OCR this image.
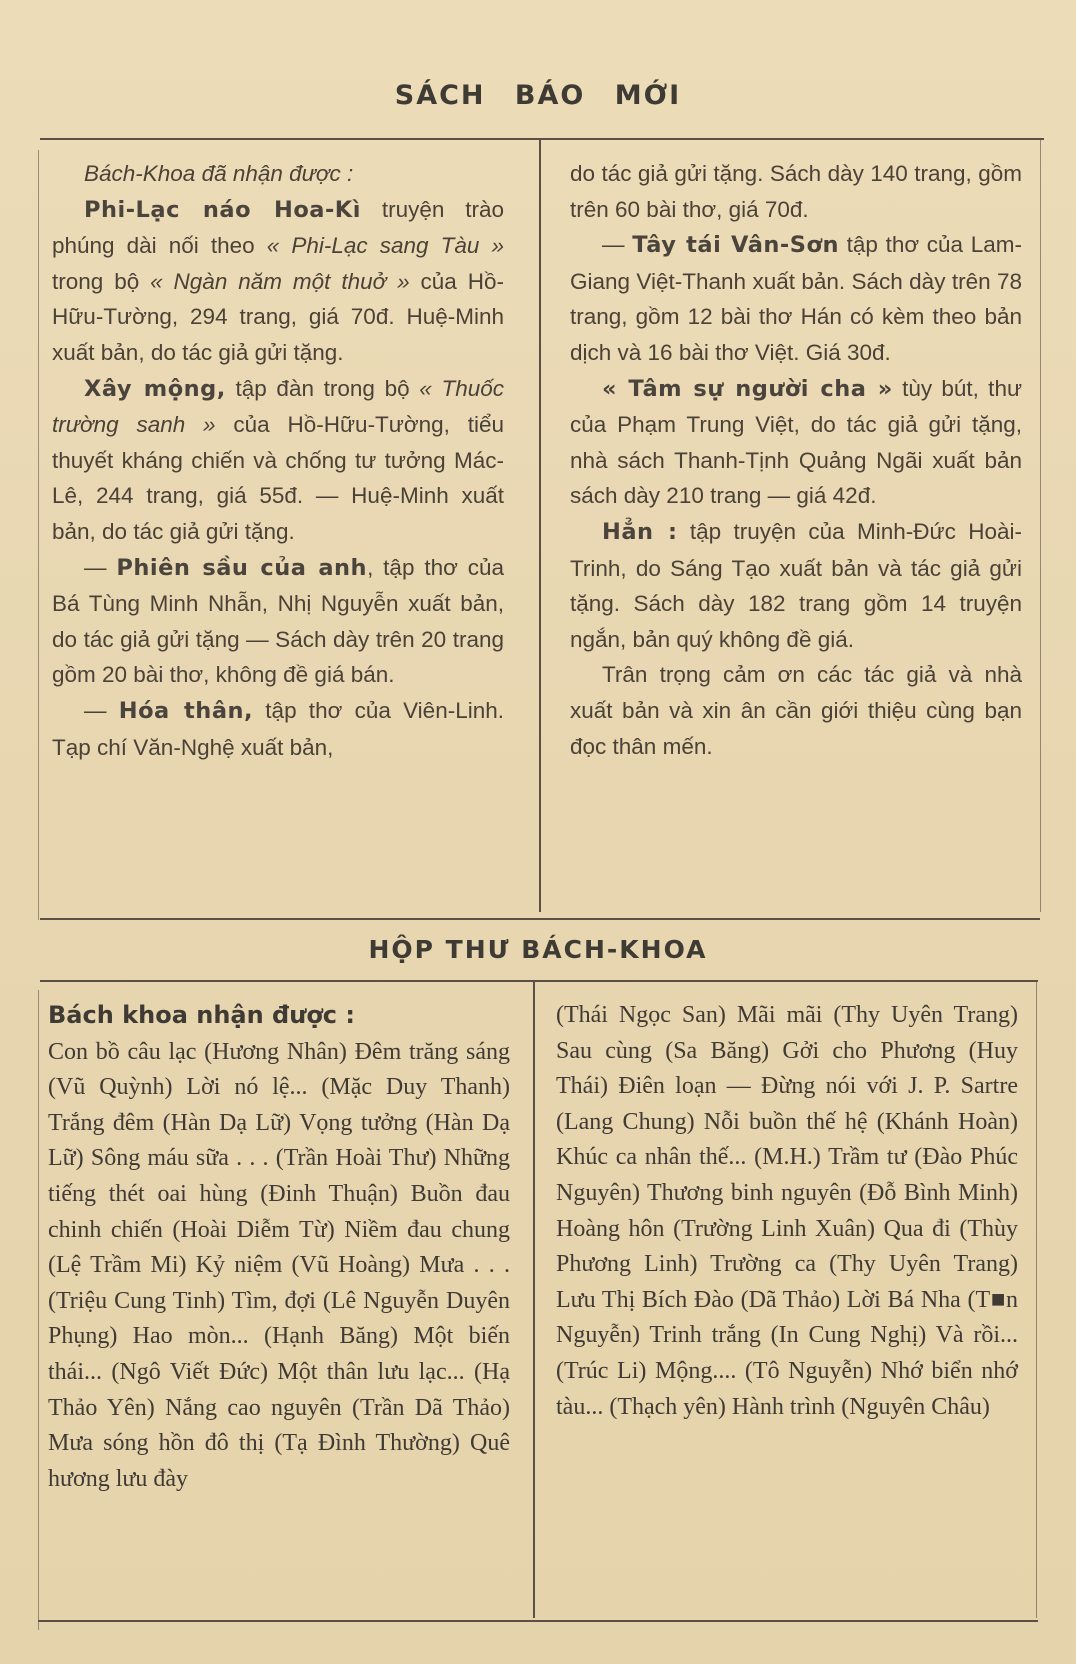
SÁCH BÁO MỚI

Bách-Khoa đã nhận được :

Phi-Lạc náo Hoa-Kì truyện trào phúng dài nối theo « Phi-Lạc sang Tàu » trong bộ « Ngàn năm một thuở » của Hồ-Hữu-Tường, 294 trang, giá 70đ. Huệ-Minh xuất bản, do tác giả gửi tặng.

Xây mộng, tập đàn trong bộ « Thuốc trường sanh » của Hồ-Hữu-Tường, tiểu thuyết kháng chiến và chống tư tưởng Mác-Lê, 244 trang, giá 55đ. — Huệ-Minh xuất bản, do tác giả gửi tặng.

— Phiên sầu của anh, tập thơ của Bá Tùng Minh Nhẫn, Nhị Nguyễn xuất bản, do tác giả gửi tặng — Sách dày trên 20 trang gồm 20 bài thơ, không đề giá bán.

— Hóa thân, tập thơ của Viên-Linh. Tạp chí Văn-Nghệ xuất bản,

do tác giả gửi tặng. Sách dày 140 trang, gồm trên 60 bài thơ, giá 70đ.

— Tây tái Vân-Sơn tập thơ của Lam-Giang Việt-Thanh xuất bản. Sách dày trên 78 trang, gồm 12 bài thơ Hán có kèm theo bản dịch và 16 bài thơ Việt. Giá 30đ.

« Tâm sự người cha » tùy bút, thư của Phạm Trung Việt, do tác giả gửi tặng, nhà sách Thanh-Tịnh Quảng Ngãi xuất bản sách dày 210 trang — giá 42đ.

Hẳn : tập truyện của Minh-Đức Hoài-Trinh, do Sáng Tạo xuất bản và tác giả gửi tặng. Sách dày 182 trang gồm 14 truyện ngắn, bản quý không đề giá.

Trân trọng cảm ơn các tác giả và nhà xuất bản và xin ân cần giới thiệu cùng bạn đọc thân mến.

HỘP THƯ BÁCH-KHOA

Bách khoa nhận được :

Con bồ câu lạc (Hương Nhân) Đêm trăng sáng (Vũ Quỳnh) Lời nó lệ... (Mặc Duy Thanh) Trắng đêm (Hàn Dạ Lữ) Vọng tưởng (Hàn Dạ Lữ) Sông máu sữa . . . (Trần Hoài Thư) Những tiếng thét oai hùng (Đinh Thuận) Buồn đau chinh chiến (Hoài Diễm Từ) Niềm đau chung (Lệ Trầm Mi) Kỷ niệm (Vũ Hoàng) Mưa . . . (Triệu Cung Tinh) Tìm, đợi (Lê Nguyễn Duyên Phụng) Hao mòn... (Hạnh Băng) Một biến thái... (Ngô Viết Đức) Một thân lưu lạc... (Hạ Thảo Yên) Nắng cao nguyên (Trần Dã Thảo) Mưa sóng hồn đô thị (Tạ Đình Thường) Quê hương lưu đày

(Thái Ngọc San) Mãi mãi (Thy Uyên Trang) Sau cùng (Sa Băng) Gởi cho Phương (Huy Thái) Điên loạn — Đừng nói với J. P. Sartre (Lang Chung) Nỗi buồn thế hệ (Khánh Hoàn) Khúc ca nhân thế... (M.H.) Trầm tư (Đào Phúc Nguyên) Thương binh nguyên (Đỗ Bình Minh) Hoàng hôn (Trường Linh Xuân) Qua đi (Thùy Phương Linh) Trường ca (Thy Uyên Trang) Lưu Thị Bích Đào (Dã Thảo) Lời Bá Nha (T■n Nguyễn) Trinh trắng (In Cung Nghị) Và rồi... (Trúc Li) Mộng.... (Tô Nguyễn) Nhớ biển nhớ tàu... (Thạch yên) Hành trình (Nguyên Châu)
